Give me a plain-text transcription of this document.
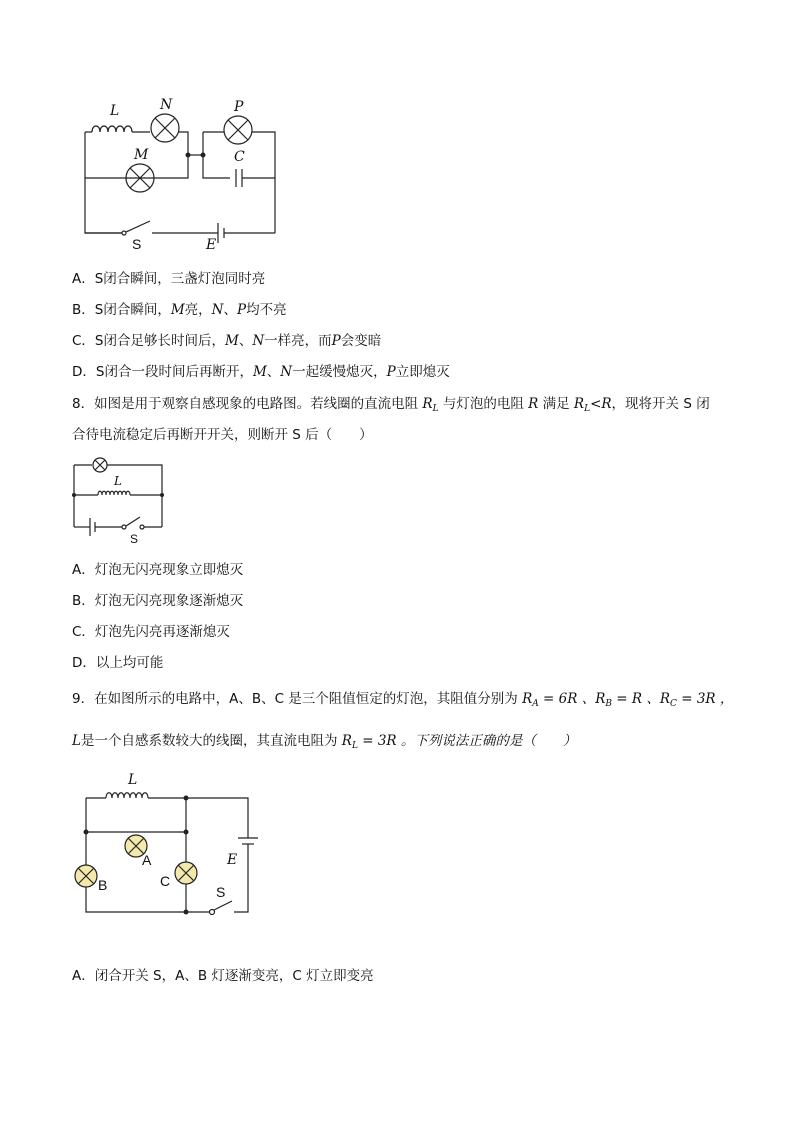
L	N	P
M	C
S	E
A．S闭合瞬间，三盏灯泡同时亮
B．S闭合瞬间，M亮，N、P均不亮
C．S闭合足够长时间后，M、N一样亮，而P会变暗
D．S闭合一段时间后再断开，M、N一起缓慢熄灭，P立即熄灭
8．如图是用于观察自感现象的电路图。若线圈的直流电阻 $R_L$ 与灯泡的电阻 R 满足 $R_L<R$，现将开关 S 闭
合待电流稳定后再断开开关，则断开 S 后（　　）
L
S
A．灯泡无闪亮现象立即熄灭
B．灯泡无闪亮现象逐渐熄灭
C．灯泡先闪亮再逐渐熄灭
D．以上均可能
9．在如图所示的电路中，A、B、C 是三个阻值恒定的灯泡，其阻值分别为 $R_A = 6R$ 、$R_B = R$ 、$R_C = 3R$ ，
L是一个自感系数较大的线圈，其直流电阻为 $R_L = 3R$ 。下列说法正确的是（　　）
L
A
B	C
E
S
A．闭合开关 S，A、B 灯逐渐变亮，C 灯立即变亮
